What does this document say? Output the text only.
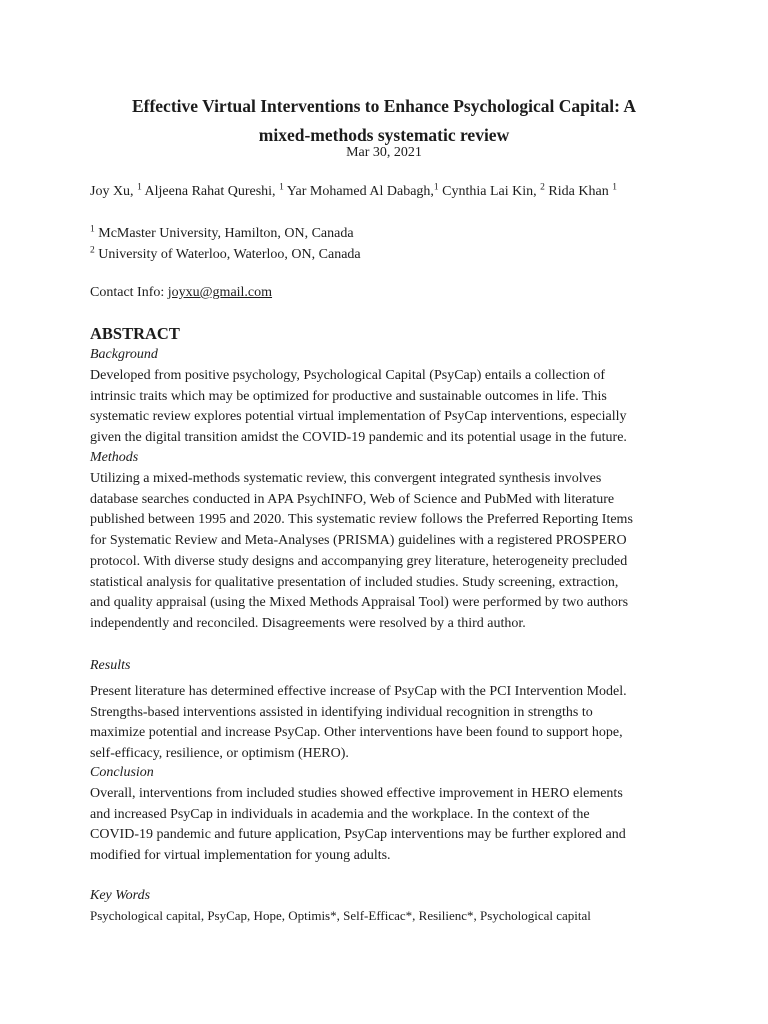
Effective Virtual Interventions to Enhance Psychological Capital: A
mixed-methods systematic review

Mar 30, 2021

Joy Xu, $^1$ Aljeena Rahat Qureshi, $^1$ Yar Mohamed Al Dabagh,$^1$ Cynthia Lai Kin, $^2$ Rida Khan $^1$

$^1$ McMaster University, Hamilton, ON, Canada

$^2$ University of Waterloo, Waterloo, ON, Canada

Contact Info: joyxu@gmail.com

ABSTRACT

Background

Developed from positive psychology, Psychological Capital (PsyCap) entails a collection of
intrinsic traits which may be optimized for productive and sustainable outcomes in life. This
systematic review explores potential virtual implementation of PsyCap interventions, especially
given the digital transition amidst the COVID-19 pandemic and its potential usage in the future.

Methods

Utilizing a mixed-methods systematic review, this convergent integrated synthesis involves
database searches conducted in APA PsychINFO, Web of Science and PubMed with literature
published between 1995 and 2020. This systematic review follows the Preferred Reporting Items
for Systematic Review and Meta-Analyses (PRISMA) guidelines with a registered PROSPERO
protocol. With diverse study designs and accompanying grey literature, heterogeneity precluded
statistical analysis for qualitative presentation of included studies. Study screening, extraction,
and quality appraisal (using the Mixed Methods Appraisal Tool) were performed by two authors
independently and reconciled. Disagreements were resolved by a third author.

Results

Present literature has determined effective increase of PsyCap with the PCI Intervention Model.
Strengths-based interventions assisted in identifying individual recognition in strengths to
maximize potential and increase PsyCap. Other interventions have been found to support hope,
self-efficacy, resilience, or optimism (HERO).

Conclusion

Overall, interventions from included studies showed effective improvement in HERO elements
and increased PsyCap in individuals in academia and the workplace. In the context of the
COVID-19 pandemic and future application, PsyCap interventions may be further explored and
modified for virtual implementation for young adults.

Key Words

Psychological capital, PsyCap, Hope, Optimis*, Self-Efficac*, Resilienc*, Psychological capital
